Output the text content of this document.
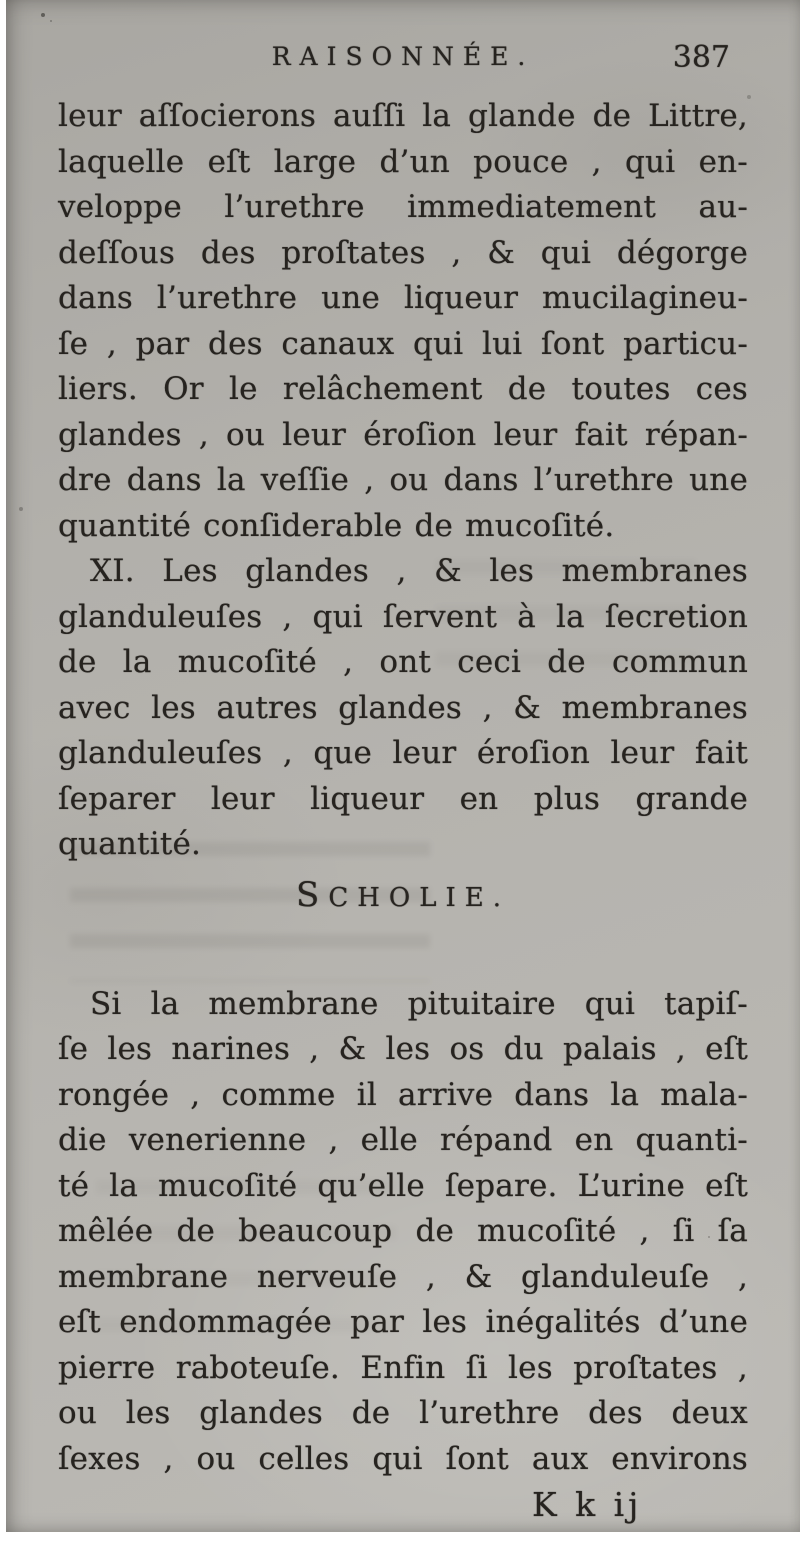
RAISONNÉE.	387
leur aſſocierons auſſi la glande de Littre,
laquelle eſt large d’un pouce , qui en-
veloppe l’urethre immediatement au-
deſſous des proſtates , & qui dégorge
dans l’urethre une liqueur mucilagineu-
ſe , par des canaux qui lui ſont particu-
liers. Or le relâchement de toutes ces
glandes , ou leur éroſion leur fait répan-
dre dans la veſſie , ou dans l’urethre une
quantité conſiderable de mucoſité.
XI. Les glandes , & les membranes
glanduleuſes , qui ſervent à la ſecretion
de la mucoſité , ont ceci de commun
avec les autres glandes , & membranes
glanduleuſes , que leur éroſion leur fait
ſeparer leur liqueur en plus grande
quantité.
SCHOLIE.
Si la membrane pituitaire qui tapiſ-
ſe les narines , & les os du palais , eſt
rongée , comme il arrive dans la mala-
die venerienne , elle répand en quanti-
té la mucoſité qu’elle ſepare. L’urine eſt
mêlée de beaucoup de mucoſité , ſi ſa
membrane nerveuſe , & glanduleuſe ,
eſt endommagée par les inégalités d’une
pierre raboteuſe. Enfin ſi les proſtates ,
ou les glandes de l’urethre des deux
ſexes , ou celles qui ſont aux environs
K k ij
